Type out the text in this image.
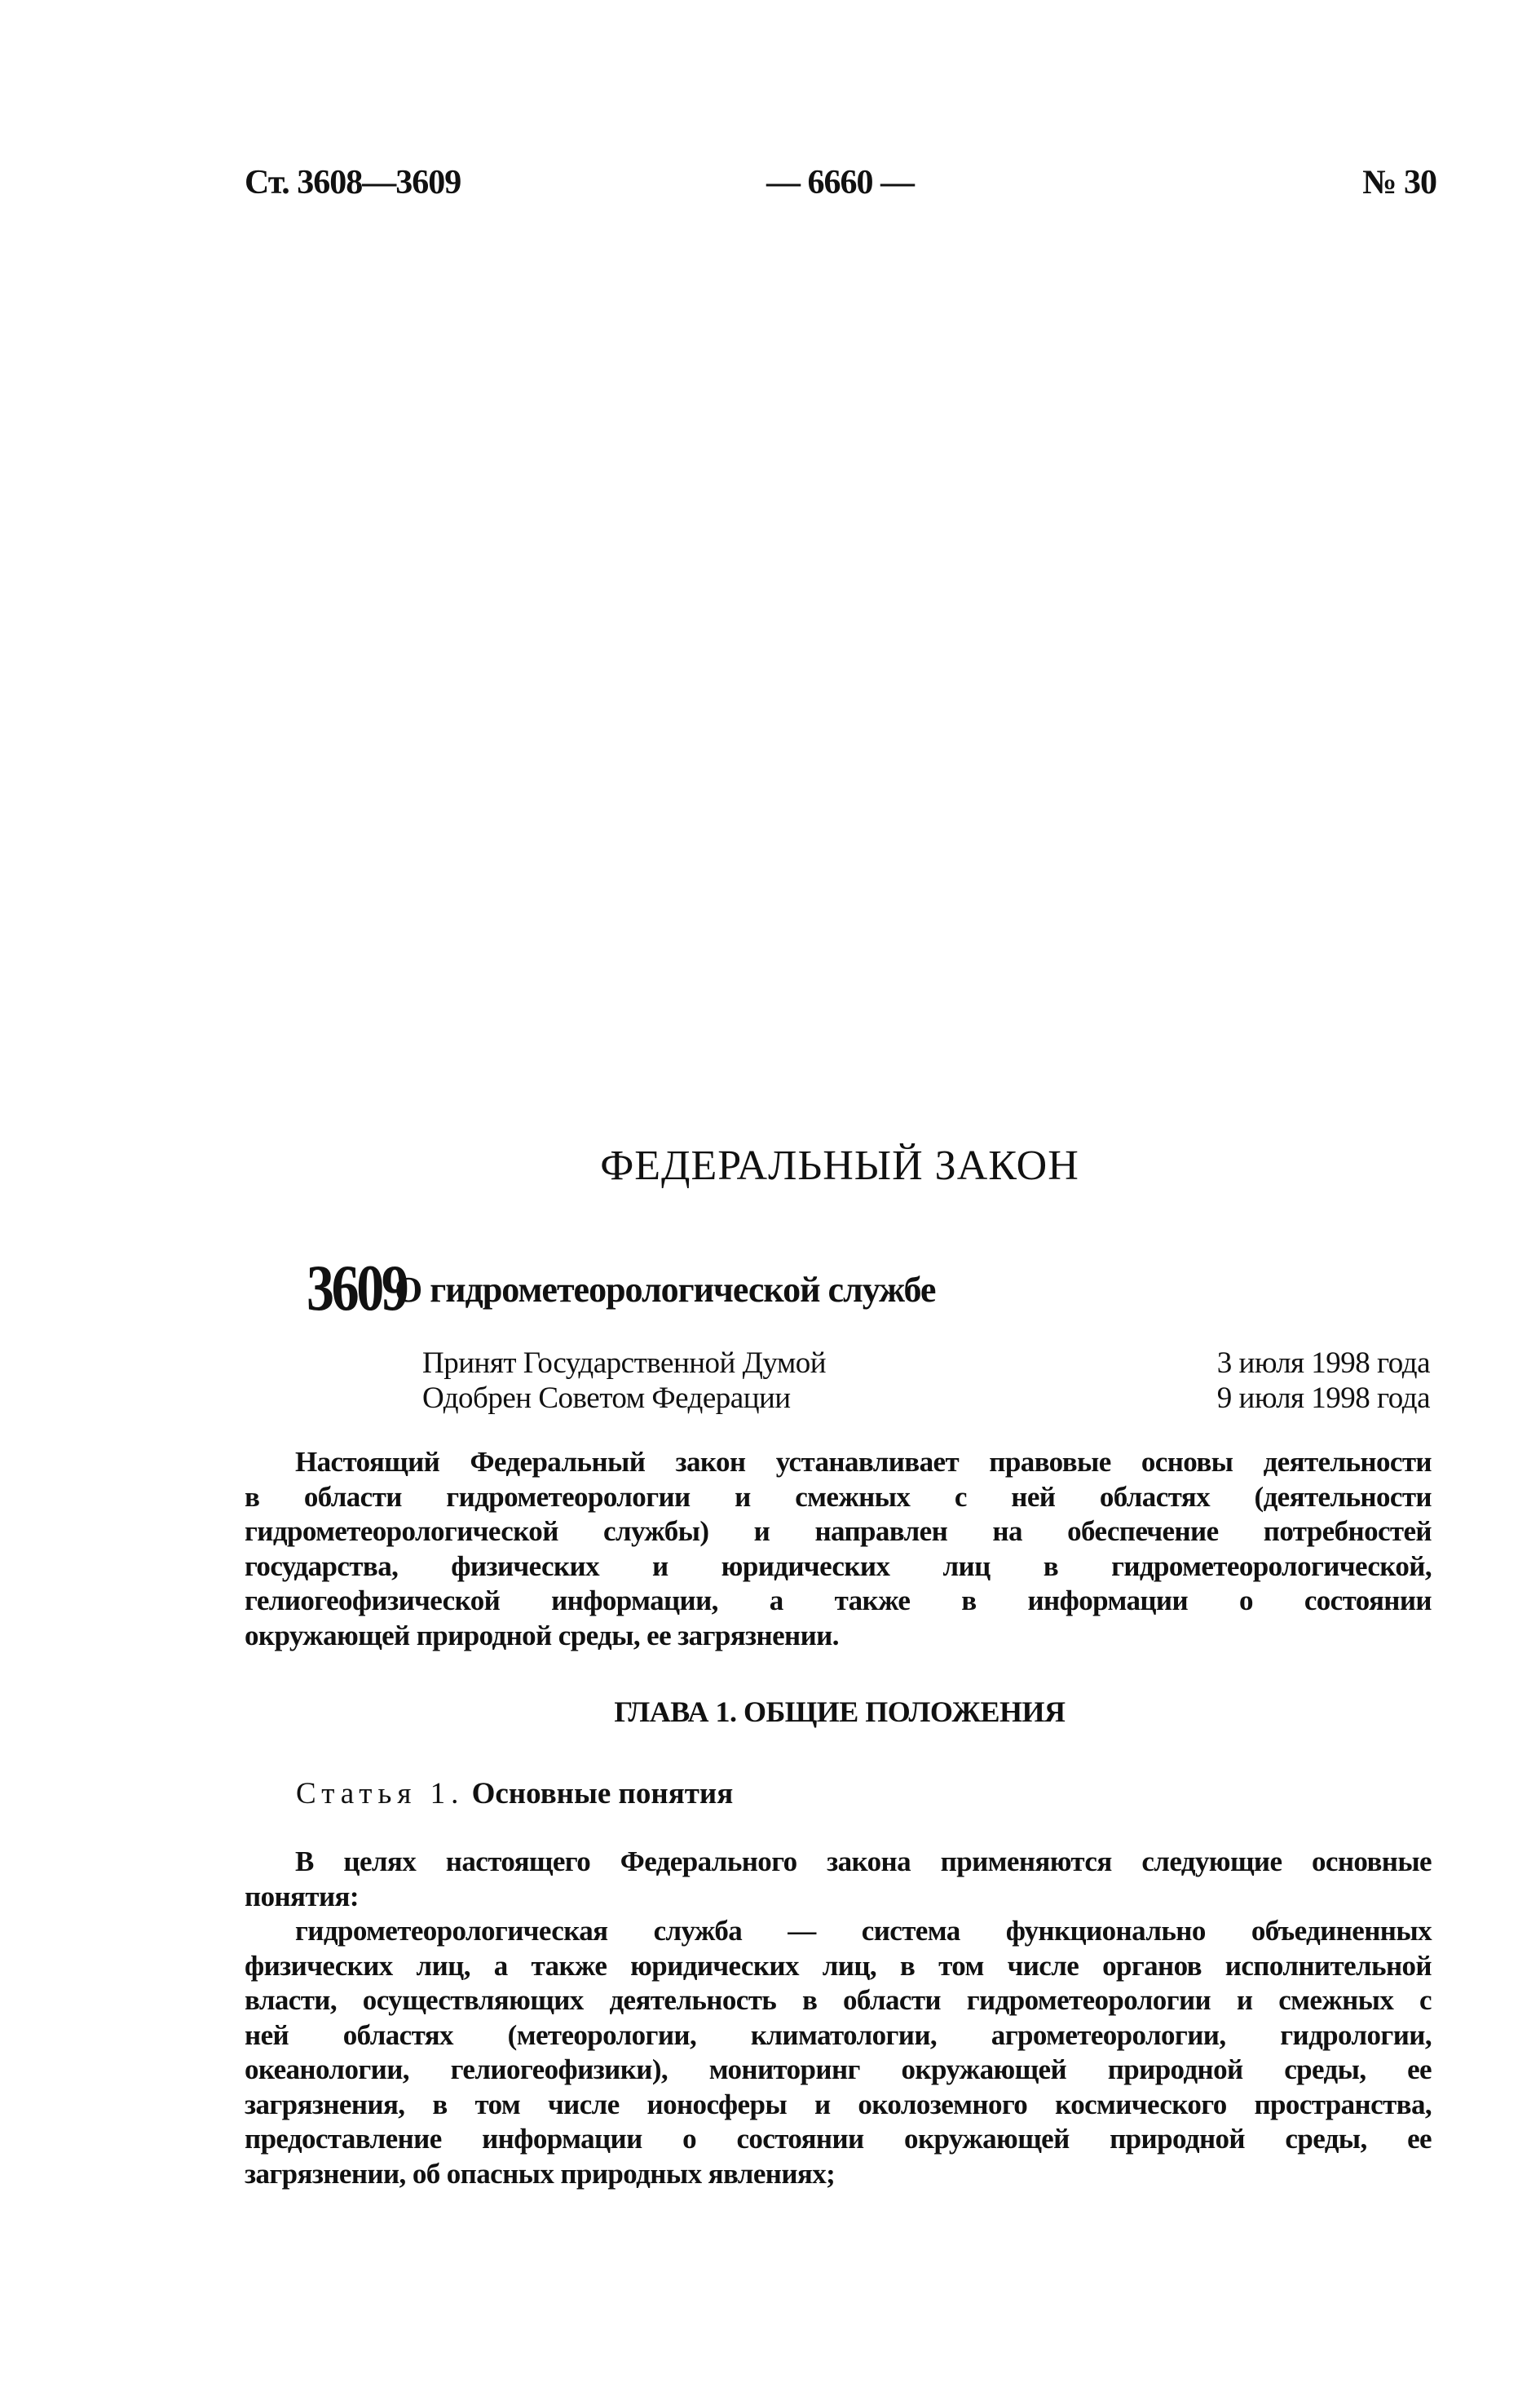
Ст. 3608—3609	— 6660 —	№ 30
ФЕДЕРАЛЬНЫЙ ЗАКОН
3609
О гидрометеорологической службе
Принят Государственной Думой	3 июля 1998 года
Одобрен Советом Федерации	9 июля 1998 года
Настоящий Федеральный закон устанавливает правовые основы деятельности
в области гидрометеорологии и смежных с ней областях (деятельности
гидрометеорологической службы) и направлен на обеспечение потребностей
государства, физических и юридических лиц в гидрометеорологической,
гелиогеофизической информации, а также в информации о состоянии
окружающей природной среды, ее загрязнении.
ГЛАВА 1. ОБЩИЕ ПОЛОЖЕНИЯ
Статья 1. Основные понятия
В целях настоящего Федерального закона применяются следующие основные
понятия:
гидрометеорологическая служба — система функционально объединенных
физических лиц, а также юридических лиц, в том числе органов исполнительной
власти, осуществляющих деятельность в области гидрометеорологии и смежных с
ней областях (метеорологии, климатологии, агрометеорологии, гидрологии,
океанологии, гелиогеофизики), мониторинг окружающей природной среды, ее
загрязнения, в том числе ионосферы и околоземного космического пространства,
предоставление информации о состоянии окружающей природной среды, ее
загрязнении, об опасных природных явлениях;
